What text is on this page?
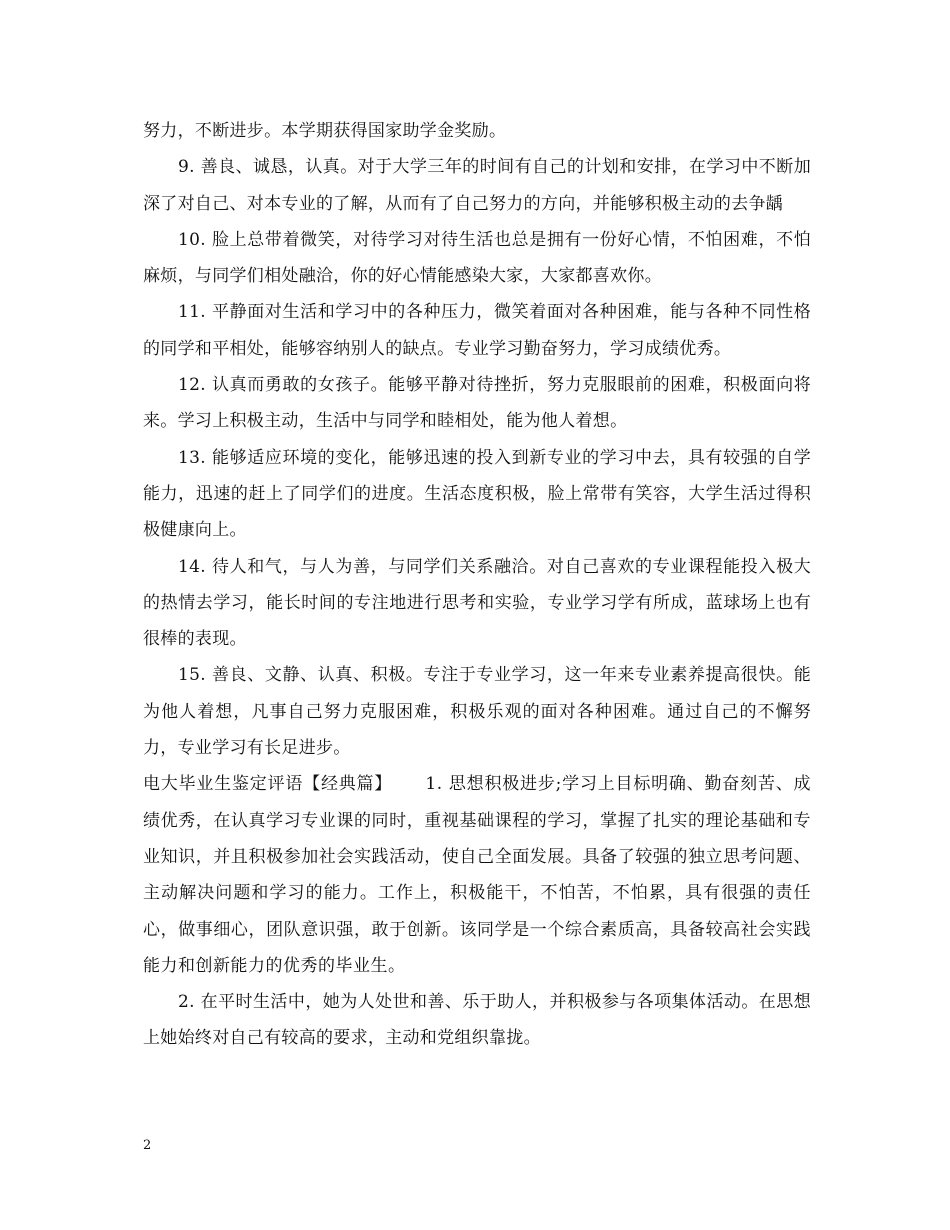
努力，不断进步。本学期获得国家助学金奖励。

9. 善良、诚恳，认真。对于大学三年的时间有自己的计划和安排，在学习中不断加深了对自己、对本专业的了解，从而有了自己努力的方向，并能够积极主动的去争龋

10. 脸上总带着微笑，对待学习对待生活也总是拥有一份好心情，不怕困难，不怕麻烦，与同学们相处融洽，你的好心情能感染大家，大家都喜欢你。

11. 平静面对生活和学习中的各种压力，微笑着面对各种困难，能与各种不同性格的同学和平相处，能够容纳别人的缺点。专业学习勤奋努力，学习成绩优秀。

12. 认真而勇敢的女孩子。能够平静对待挫折，努力克服眼前的困难，积极面向将来。学习上积极主动，生活中与同学和睦相处，能为他人着想。

13. 能够适应环境的变化，能够迅速的投入到新专业的学习中去，具有较强的自学能力，迅速的赶上了同学们的进度。生活态度积极，脸上常带有笑容，大学生活过得积极健康向上。

14. 待人和气，与人为善，与同学们关系融洽。对自己喜欢的专业课程能投入极大的热情去学习，能长时间的专注地进行思考和实验，专业学习学有所成，蓝球场上也有很棒的表现。

15. 善良、文静、认真、积极。专注于专业学习，这一年来专业素养提高很快。能为他人着想，凡事自己努力克服困难，积极乐观的面对各种困难。通过自己的不懈努力，专业学习有长足进步。

电大毕业生鉴定评语【经典篇】　　 1. 思想积极进步;学习上目标明确、勤奋刻苦、成绩优秀，在认真学习专业课的同时，重视基础课程的学习，掌握了扎实的理论基础和专业知识，并且积极参加社会实践活动，使自己全面发展。具备了较强的独立思考问题、主动解决问题和学习的能力。工作上，积极能干，不怕苦，不怕累，具有很强的责任心，做事细心，团队意识强，敢于创新。该同学是一个综合素质高，具备较高社会实践能力和创新能力的优秀的毕业生。

2. 在平时生活中，她为人处世和善、乐于助人，并积极参与各项集体活动。在思想上她始终对自己有较高的要求，主动和党组织靠拢。

2
